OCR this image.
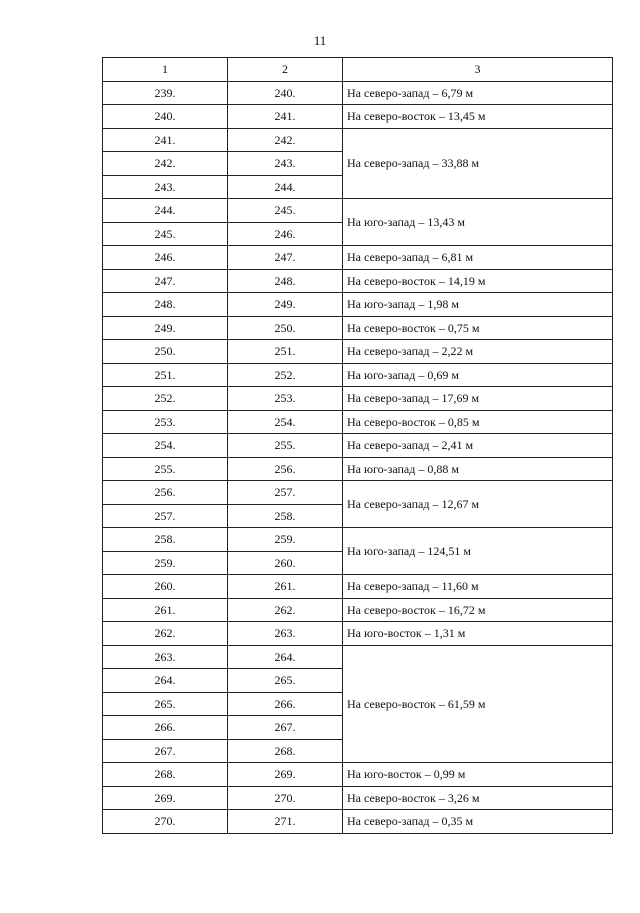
11
1	2	3
239.	240.	На северо-запад – 6,79 м
240.	241.	На северо-восток – 13,45 м
241.	242.	На северо-запад – 33,88 м
242.	243.	
243.	244.	
244.	245.	На юго-запад – 13,43 м
245.	246.	
246.	247.	На северо-запад – 6,81 м
247.	248.	На северо-восток – 14,19 м
248.	249.	На юго-запад – 1,98 м
249.	250.	На северо-восток – 0,75 м
250.	251.	На северо-запад – 2,22 м
251.	252.	На юго-запад – 0,69 м
252.	253.	На северо-запад – 17,69 м
253.	254.	На северо-восток – 0,85 м
254.	255.	На северо-запад – 2,41 м
255.	256.	На юго-запад – 0,88 м
256.	257.	На северо-запад – 12,67 м
257.	258.	
258.	259.	На юго-запад – 124,51 м
259.	260.	
260.	261.	На северо-запад – 11,60 м
261.	262.	На северо-восток – 16,72 м
262.	263.	На юго-восток – 1,31 м
263.	264.	На северо-восток – 61,59 м
264.	265.	
265.	266.	
266.	267.	
267.	268.	
268.	269.	На юго-восток – 0,99 м
269.	270.	На северо-восток – 3,26 м
270.	271.	На северо-запад – 0,35 м
